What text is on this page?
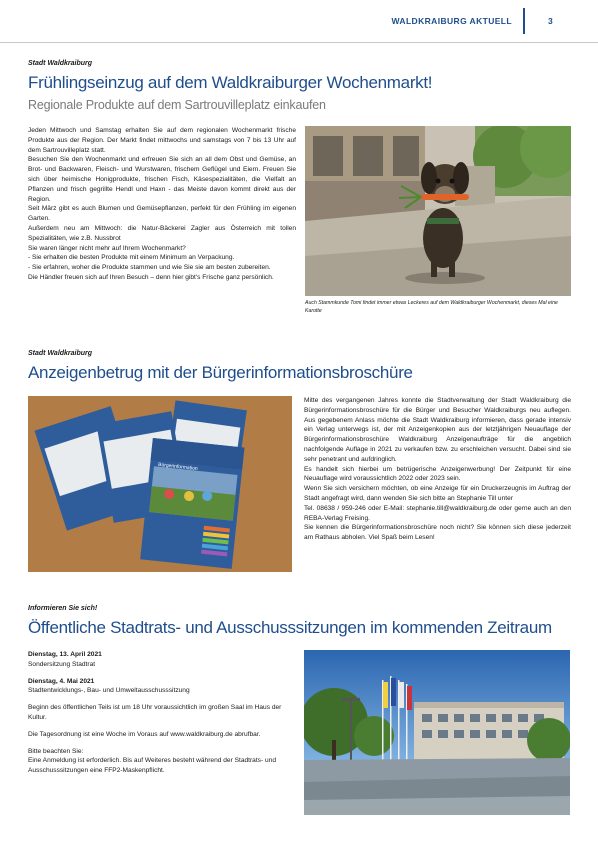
WALDKRAIBURG AKTUELL	3
Stadt Waldkraiburg
Frühlingseinzug auf dem Waldkraiburger Wochenmarkt!
Regionale Produkte auf dem Sartrouvilleplatz einkaufen

Jeden Mittwoch und Samstag erhalten Sie auf dem regionalen Wochenmarkt frische Produkte aus der Region. Der Markt findet mittwochs und samstags von 7 bis 13 Uhr auf dem Sartrouvilleplatz statt.

Besuchen Sie den Wochenmarkt und erfreuen Sie sich an all dem Obst und Gemüse, an Brot- und Backwaren, Fleisch- und Wurstwaren, frischem Geflügel und Eiern. Freuen Sie sich über heimische Honigprodukte, frischen Fisch, Käsespezialitäten, die Vielfalt an Pflanzen und frisch gegrillte Hendl und Haxn - das Meiste davon kommt direkt aus der Region.

Seit März gibt es auch Blumen und Gemüsepflanzen, perfekt für den Frühling im eigenen Garten.

Außerdem neu am Mittwoch: die Natur-Bäckerei Zagler aus Österreich mit tollen Spezialitäten, wie z.B. Nussbrot

Sie waren länger nicht mehr auf Ihrem Wochenmarkt?

- Sie erhalten die besten Produkte mit einem Minimum an Verpackung.

- Sie erfahren, woher die Produkte stammen und wie Sie sie am besten zubereiten.

Die Händler freuen sich auf Ihren Besuch – denn hier gibt's Frische ganz persönlich.

Auch Stammkunde Tomi findet immer etwas Leckeres auf dem Waldkraiburger Wochenmarkt, dieses Mal eine Karotte
Stadt Waldkraiburg
Anzeigenbetrug mit der Bürgerinformationsbroschüre
Bürgerinformation

Mitte des vergangenen Jahres konnte die Stadtverwaltung der Stadt Waldkraiburg die Bürgerinformationsbroschüre für die Bürger und Besucher Waldkraiburgs neu auflegen. Aus gegebenem Anlass möchte die Stadt Waldkraiburg informieren, dass gerade intensiv ein Verlag unterwegs ist, der mit Anzeigenkopien aus der letztjährigen Neuauflage der Bürgerinformationsbroschüre Waldkraiburg Anzeigenaufträge für die angeblich nachfolgende Auflage in 2021 zu verkaufen bzw. zu erschleichen versucht. Dabei sind sie sehr penetrant und aufdringlich.

Es handelt sich hierbei um betrügerische Anzeigenwerbung! Der Zeitpunkt für eine Neuauflage wird voraussichtlich 2022 oder 2023 sein.

Wenn Sie sich versichern möchten, ob eine Anzeige für ein Druckerzeugnis im Auftrag der Stadt angefragt wird, dann wenden Sie sich bitte an Stephanie Till unter

Tel. 08638 / 959-246 oder E-Mail: stephanie.till@waldkraiburg.de oder gerne auch an den REBA-Verlag Freising.

Sie kennen die Bürgerinformationsbroschüre noch nicht? Sie können sich diese jederzeit am Rathaus abholen. Viel Spaß beim Lesen!

Informieren Sie sich!
Öffentliche Stadtrats- und Ausschusssitzungen im kommenden Zeitraum

Dienstag, 13. April 2021

Sondersitzung Stadtrat

Dienstag, 4. Mai 2021

Stadtentwicklungs-, Bau- und Umweltausschusssitzung

Beginn des öffentlichen Teils ist um 18 Uhr voraussichtlich im großen Saal im Haus der Kultur.

Die Tagesordnung ist eine Woche im Voraus auf www.waldkraiburg.de abrufbar.

Bitte beachten Sie:

Eine Anmeldung ist erforderlich. Bis auf Weiteres besteht während der Stadtrats- und Ausschusssitzungen eine FFP2-Maskenpflicht.
